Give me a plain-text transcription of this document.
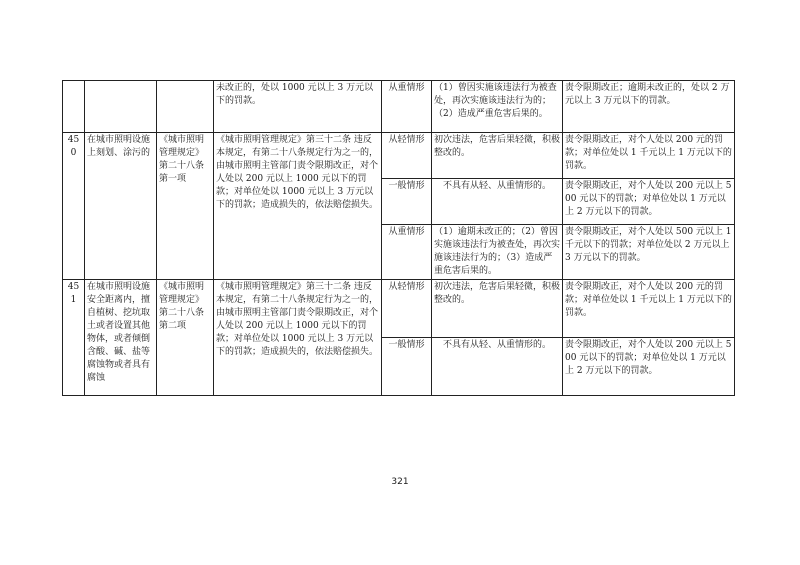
			未改正的，处以 1000 元以上 3 万元以下的罚款。	从重情形	（1）曾因实施该违法行为被查处，再次实施该违法行为的；（2）造成严重危害后果的。	责令限期改正；逾期未改正的，处以 2 万元以上 3 万元以下的罚款。
450	在城市照明设施上刻划、涂污的	《城市照明管理规定》第二十八条第一项	《城市照明管理规定》第三十二条 违反本规定，有第二十八条规定行为之一的，由城市照明主管部门责令限期改正，对个人处以 200 元以上 1000 元以下的罚款；对单位处以 1000 元以上 3 万元以下的罚款；造成损失的，依法赔偿损失。	从轻情形	初次违法，危害后果轻微，积极整改的。	责令限期改正，对个人处以 200 元的罚款；对单位处以 1 千元以上 1 万元以下的罚款。
				一般情形	不具有从轻、从重情形的。	责令限期改正，对个人处以 200 元以上 500 元以下的罚款；对单位处以 1 万元以上 2 万元以下的罚款。
				从重情形	（1）逾期未改正的；（2）曾因实施该违法行为被查处，再次实施该违法行为的；（3）造成严重危害后果的。	责令限期改正，对个人处以 500 元以上 1 千元以下的罚款；对单位处以 2 万元以上 3 万元以下的罚款。
451	在城市照明设施安全距离内，擅自植树、挖坑取土或者设置其他物体，或者倾倒含酸、碱、盐等腐蚀物或者具有腐蚀	《城市照明管理规定》第二十八条第二项	《城市照明管理规定》第三十二条 违反本规定，有第二十八条规定行为之一的，由城市照明主管部门责令限期改正，对个人处以 200 元以上 1000 元以下的罚款；对单位处以 1000 元以上 3 万元以下的罚款；造成损失的，依法赔偿损失。	从轻情形	初次违法，危害后果轻微，积极整改的。	责令限期改正，对个人处以 200 元的罚款；对单位处以 1 千元以上 1 万元以下的罚款。
				一般情形	不具有从轻、从重情形的。	责令限期改正，对个人处以 200 元以上 500 元以下的罚款；对单位处以 1 万元以上 2 万元以下的罚款。
321
